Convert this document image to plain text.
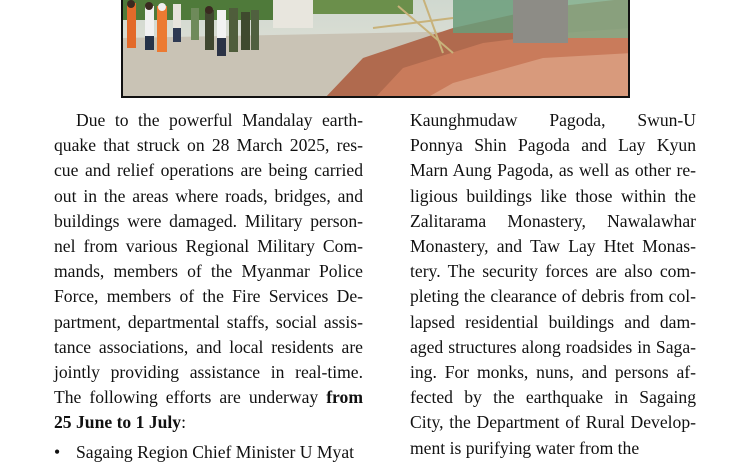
Due to the powerful Mandalay earth- quake that struck on 28 March 2025, res- cue and relief operations are being carried out in the areas where roads, bridges, and buildings were damaged. Military person- nel from various Regional Military Com- mands, members of the Myanmar Police Force, members of the Fire Services De- partment, departmental staffs, social assis- tance associations, and local residents are jointly providing assistance in real-time. The following efforts are underway from 25 June to 1 July:

• Sagaing Region Chief Minister U Myat

Kaunghmudaw Pagoda, Swun-U Ponnya Shin Pagoda and Lay Kyun Marn Aung Pagoda, as well as other religious buildings like those within the Zalitarama Monastery, Nawalawhar Monastery, and Taw Lay Htet Monastery. The security forces are also completing the clearance of debris from collapsed residential buildings and damaged structures along roadsides in Sagaing. For monks, nuns, and persons affected by the earthquake in Sagaing City, the Department of Rural Development is purifying water from the
